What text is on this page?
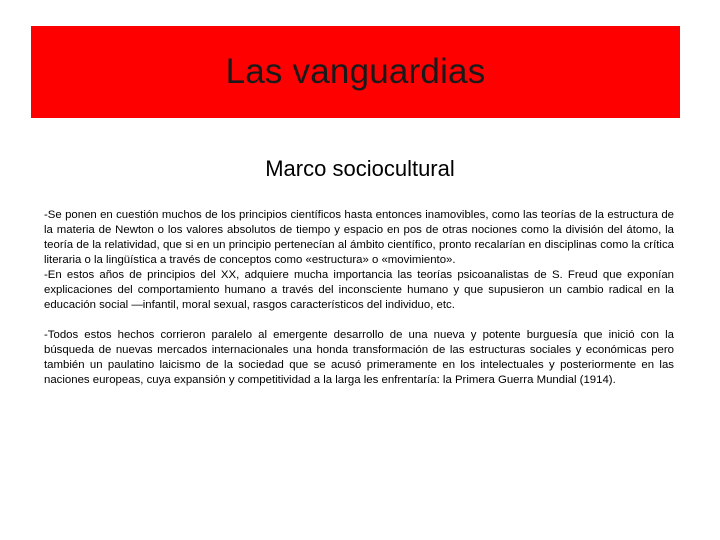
Las vanguardias
Marco sociocultural

-Se ponen en cuestión muchos de los principios científicos hasta entonces inamovibles, como las teorías de la estructura de la materia de Newton o los valores absolutos de tiempo y espacio en pos de otras nociones como la división del átomo, la teoría de la relatividad, que si en un principio pertenecían al ámbito científico, pronto recalarían en disciplinas como la crítica literaria o la lingüística a través de conceptos como «estructura» o «movimiento».

-En estos años de principios del XX, adquiere mucha importancia las teorías psicoanalistas de S. Freud que exponían explicaciones del comportamiento humano a través del inconsciente humano y que supusieron un cambio radical en la educación social —infantil, moral sexual, rasgos característicos del individuo, etc.

-Todos estos hechos corrieron paralelo al emergente desarrollo de una nueva y potente burguesía que inició con la búsqueda de nuevas mercados internacionales una honda transformación de las estructuras sociales y económicas pero también un paulatino laicismo de la sociedad que se acusó primeramente en los intelectuales y posteriormente en las naciones europeas, cuya expansión y competitividad a la larga les enfrentaría: la Primera Guerra Mundial (1914).
